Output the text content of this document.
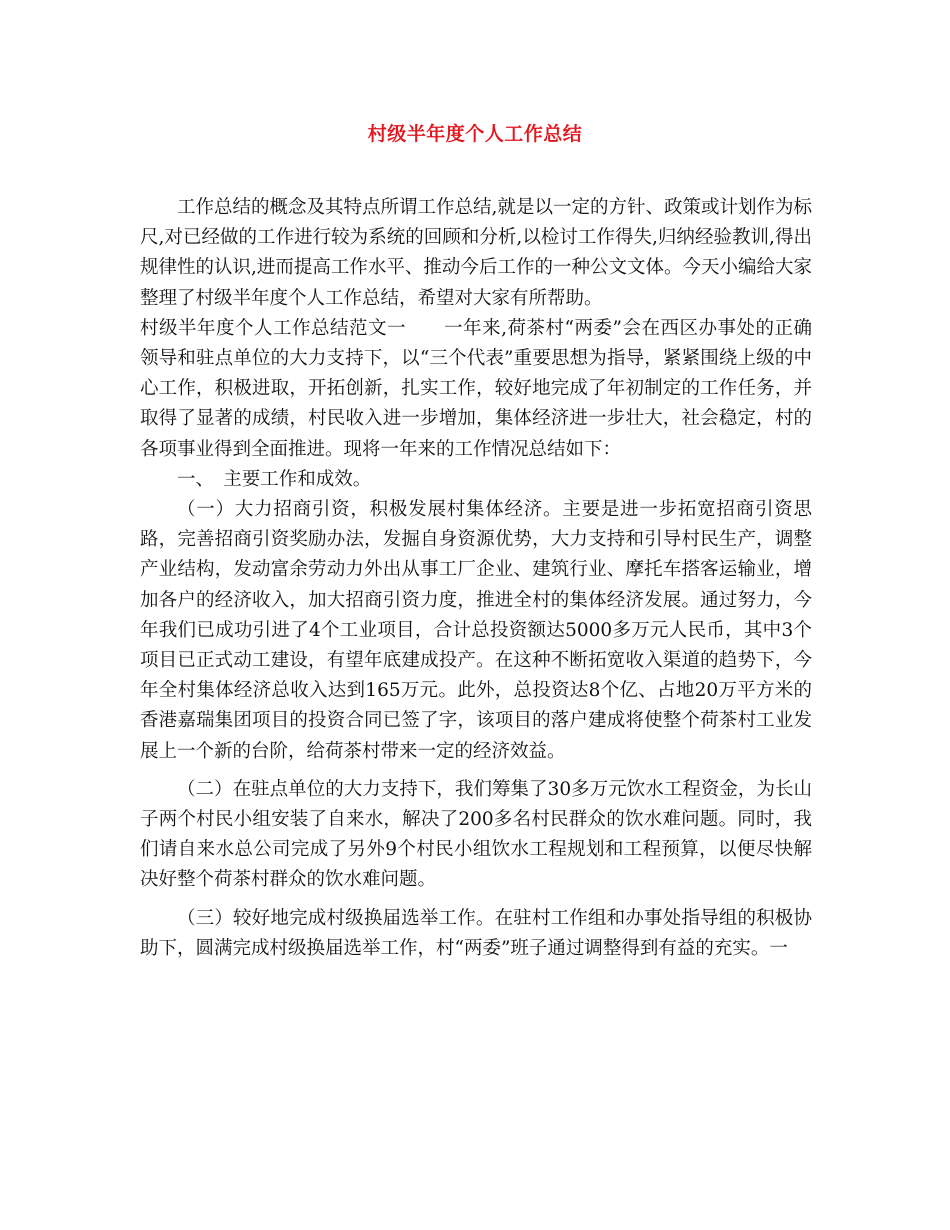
村级半年度个人工作总结

工作总结的概念及其特点所谓工作总结,就是以一定的方针、政策或计划作为标尺,对已经做的工作进行较为系统的回顾和分析,以检讨工作得失,归纳经验教训,得出规律性的认识,进而提高工作水平、推动今后工作的一种公文文体。今天小编给大家整理了村级半年度个人工作总结，希望对大家有所帮助。

村级半年度个人工作总结范文一　　一年来,荷茶村“两委”会在西区办事处的正确领导和驻点单位的大力支持下，以“三个代表”重要思想为指导，紧紧围绕上级的中心工作，积极进取，开拓创新，扎实工作，较好地完成了年初制定的工作任务，并取得了显著的成绩，村民收入进一步增加，集体经济进一步壮大，社会稳定，村的各项事业得到全面推进。现将一年来的工作情况总结如下：

一、　主要工作和成效。

（一）大力招商引资，积极发展村集体经济。主要是进一步拓宽招商引资思路，完善招商引资奖励办法，发掘自身资源优势，大力支持和引导村民生产，调整产业结构，发动富余劳动力外出从事工厂企业、建筑行业、摩托车搭客运输业，增加各户的经济收入，加大招商引资力度，推进全村的集体经济发展。通过努力，今年我们已成功引进了4个工业项目，合计总投资额达5000多万元人民币，其中3个项目已正式动工建设，有望年底建成投产。在这种不断拓宽收入渠道的趋势下，今年全村集体经济总收入达到165万元。此外，总投资达8个亿、占地20万平方米的香港嘉瑞集团项目的投资合同已签了字，该项目的落户建成将使整个荷茶村工业发展上一个新的台阶，给荷茶村带来一定的经济效益。

（二）在驻点单位的大力支持下，我们筹集了30多万元饮水工程资金，为长山子两个村民小组安装了自来水，解决了200多名村民群众的饮水难问题。同时，我们请自来水总公司完成了另外9个村民小组饮水工程规划和工程预算，以便尽快解决好整个荷茶村群众的饮水难问题。

（三）较好地完成村级换届选举工作。在驻村工作组和办事处指导组的积极协助下，圆满完成村级换届选举工作，村“两委”班子通过调整得到有益的充实。一
